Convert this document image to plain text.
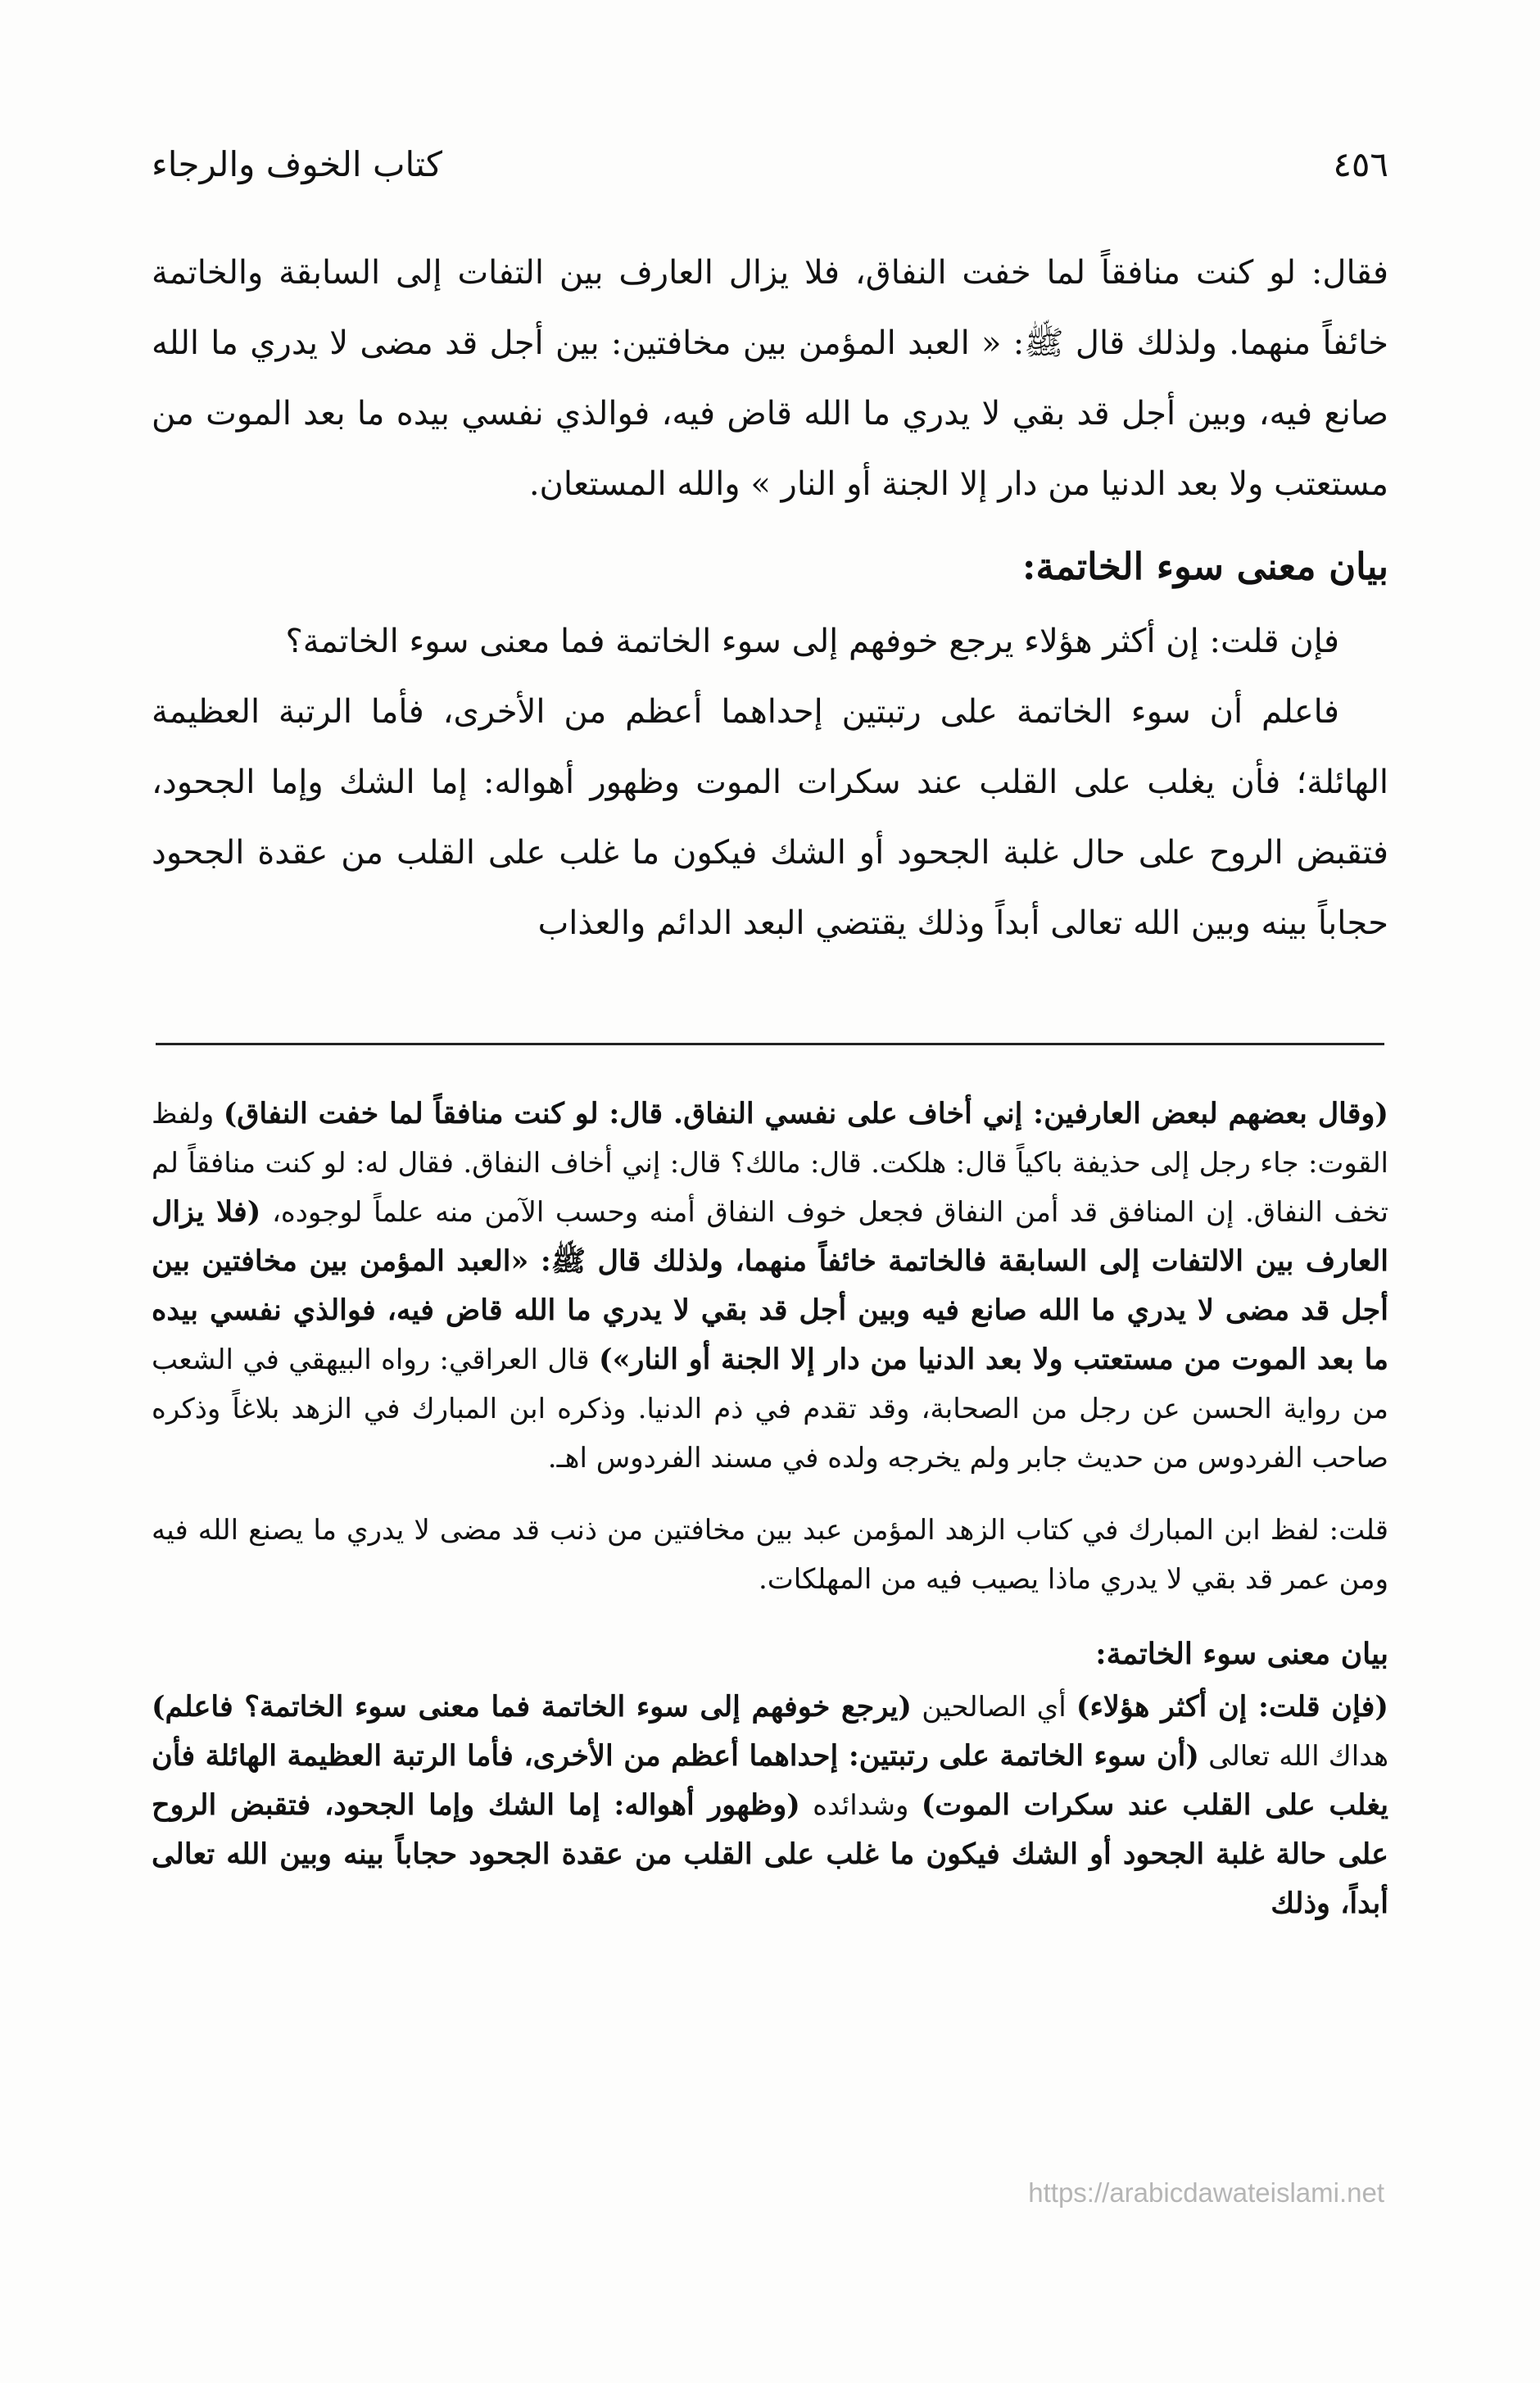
٤٥٦
كتاب الخوف والرجاء

فقال: لو كنت منافقاً لما خفت النفاق، فلا يزال العارف بين التفات إلى السابقة والخاتمة خائفاً منهما. ولذلك قال ﷺ: « العبد المؤمن بين مخافتين: بين أجل قد مضى لا يدري ما الله صانع فيه، وبين أجل قد بقي لا يدري ما الله قاض فيه، فوالذي نفسي بيده ما بعد الموت من مستعتب ولا بعد الدنيا من دار إلا الجنة أو النار » والله المستعان.

بيان معنى سوء الخاتمة:

فإن قلت: إن أكثر هؤلاء يرجع خوفهم إلى سوء الخاتمة فما معنى سوء الخاتمة؟

فاعلم أن سوء الخاتمة على رتبتين إحداهما أعظم من الأخرى، فأما الرتبة العظيمة الهائلة؛ فأن يغلب على القلب عند سكرات الموت وظهور أهواله: إما الشك وإما الجحود، فتقبض الروح على حال غلبة الجحود أو الشك فيكون ما غلب على القلب من عقدة الجحود حجاباً بينه وبين الله تعالى أبداً وذلك يقتضي البعد الدائم والعذاب

(وقال بعضهم لبعض العارفين: إني أخاف على نفسي النفاق. قال: لو كنت منافقاً لما خفت النفاق) ولفظ القوت: جاء رجل إلى حذيفة باكياً قال: هلكت. قال: مالك؟ قال: إني أخاف النفاق. فقال له: لو كنت منافقاً لم تخف النفاق. إن المنافق قد أمن النفاق فجعل خوف النفاق أمنه وحسب الآمن منه علماً لوجوده، (فلا يزال العارف بين الالتفات إلى السابقة فالخاتمة خائفاً منهما، ولذلك قال ﷺ: «العبد المؤمن بين مخافتين بين أجل قد مضى لا يدري ما الله صانع فيه وبين أجل قد بقي لا يدري ما الله قاض فيه، فوالذي نفسي بيده ما بعد الموت من مستعتب ولا بعد الدنيا من دار إلا الجنة أو النار») قال العراقي: رواه البيهقي في الشعب من رواية الحسن عن رجل من الصحابة، وقد تقدم في ذم الدنيا. وذكره ابن المبارك في الزهد بلاغاً وذكره صاحب الفردوس من حديث جابر ولم يخرجه ولده في مسند الفردوس اهـ.

قلت: لفظ ابن المبارك في كتاب الزهد المؤمن عبد بين مخافتين من ذنب قد مضى لا يدري ما يصنع الله فيه ومن عمر قد بقي لا يدري ماذا يصيب فيه من المهلكات.

بيان معنى سوء الخاتمة:

(فإن قلت: إن أكثر هؤلاء) أي الصالحين (يرجع خوفهم إلى سوء الخاتمة فما معنى سوء الخاتمة؟ فاعلم) هداك الله تعالى (أن سوء الخاتمة على رتبتين: إحداهما أعظم من الأخرى، فأما الرتبة العظيمة الهائلة فأن يغلب على القلب عند سكرات الموت) وشدائده (وظهور أهواله: إما الشك وإما الجحود، فتقبض الروح على حالة غلبة الجحود أو الشك فيكون ما غلب على القلب من عقدة الجحود حجاباً بينه وبين الله تعالى أبداً، وذلك

https://arabicdawateislami.net
